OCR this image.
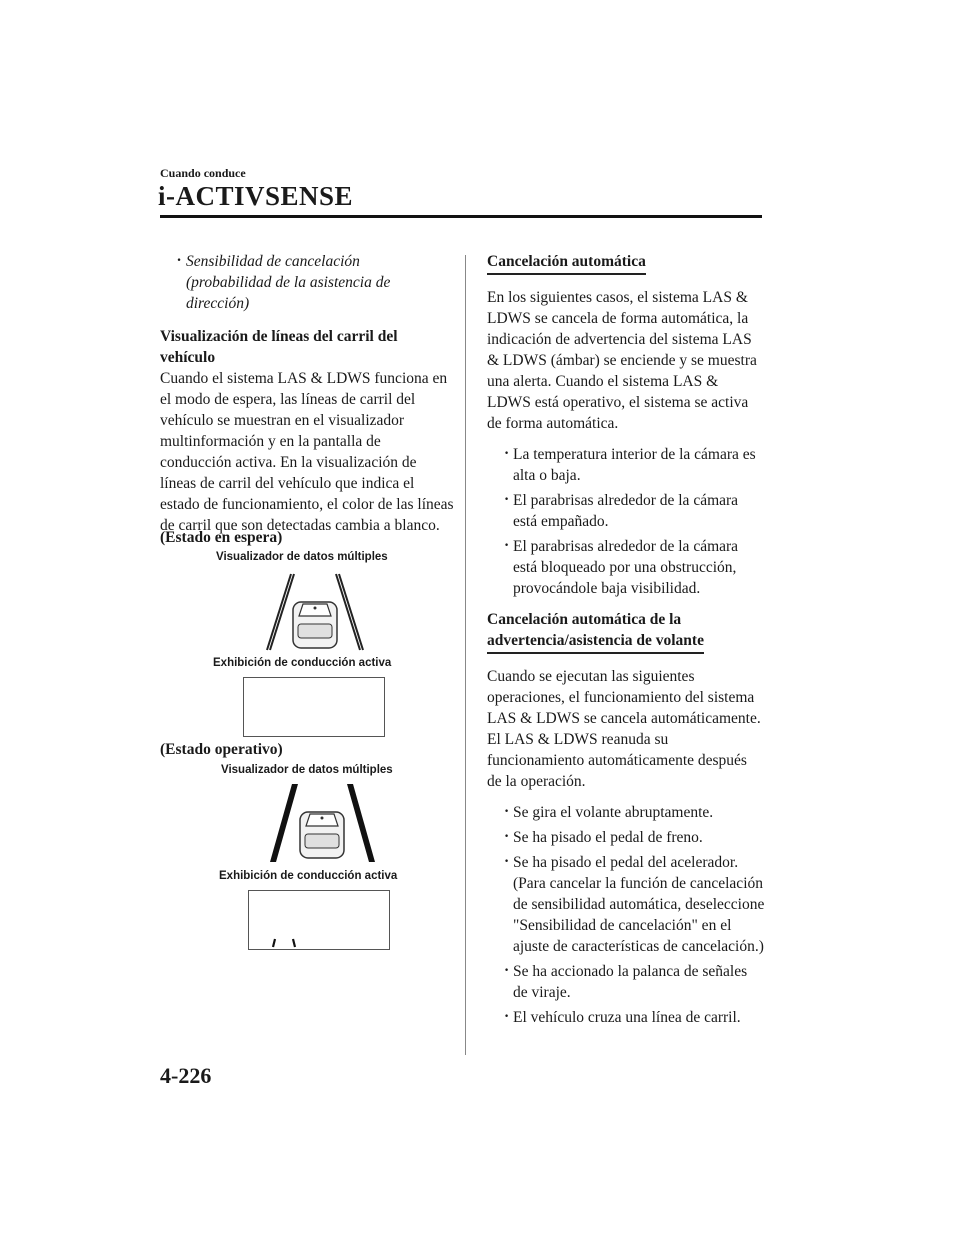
Cuando conduce
i-ACTIVSENSE
· Sensibilidad de cancelación (probabilidad de la asistencia de dirección)
Visualización de líneas del carril del vehículo
Cuando el sistema LAS & LDWS funciona en el modo de espera, las líneas de carril del vehículo se muestran en el visualizador multinformación y en la pantalla de conducción activa. En la visualización de líneas de carril del vehículo que indica el estado de funcionamiento, el color de las líneas de carril que son detectadas cambia a blanco.
(Estado en espera)
(Estado operativo)
Visualizador de datos múltiples
Exhibición de conducción activa
Visualizador de datos múltiples
Exhibición de conducción activa
Cancelación automática
En los siguientes casos, el sistema LAS & LDWS se cancela de forma automática, la indicación de advertencia del sistema LAS & LDWS (ámbar) se enciende y se muestra una alerta. Cuando el sistema LAS & LDWS está operativo, el sistema se activa de forma automática.
· La temperatura interior de la cámara es alta o baja.
· El parabrisas alrededor de la cámara está empañado.
· El parabrisas alrededor de la cámara está bloqueado por una obstrucción, provocándole baja visibilidad.
Cancelación automática de la
advertencia/asistencia de volante
Cuando se ejecutan las siguientes operaciones, el funcionamiento del sistema LAS & LDWS se cancela automáticamente. El LAS & LDWS reanuda su funcionamiento automáticamente después de la operación.
· Se gira el volante abruptamente.
· Se ha pisado el pedal de freno.
· Se ha pisado el pedal del acelerador. (Para cancelar la función de cancelación de sensibilidad automática, deseleccione "Sensibilidad de cancelación" en el ajuste de características de cancelación.)
· Se ha accionado la palanca de señales de viraje.
· El vehículo cruza una línea de carril.
4-226
